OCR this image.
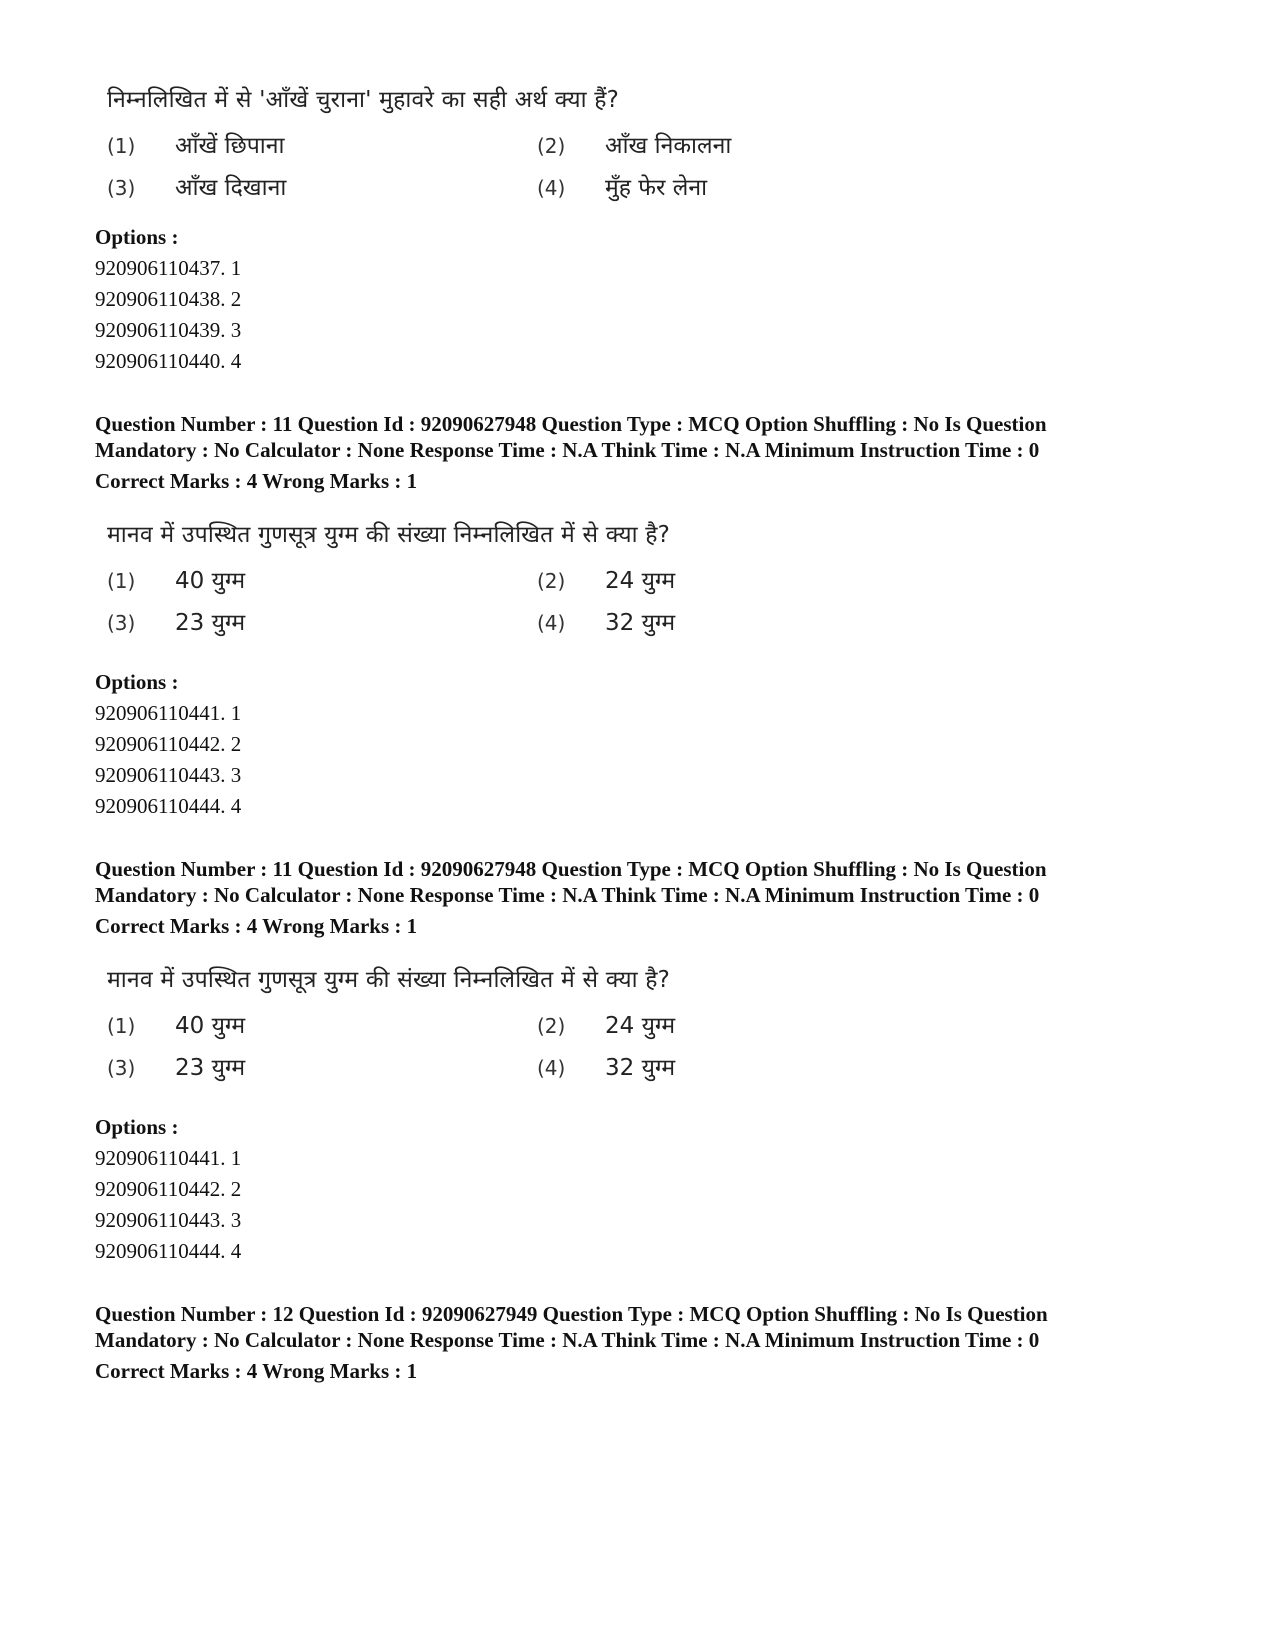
निम्नलिखित में से 'आँखें चुराना' मुहावरे का सही अर्थ क्या हैं?
(1)	आँखें छिपाना	(2)	आँख निकालना
(3)	आँख दिखाना	(4)	मुँह फेर लेना
Options :
920906110437. 1
920906110438. 2
920906110439. 3
920906110440. 4
Question Number : 11 Question Id : 92090627948 Question Type : MCQ Option Shuffling : No Is Question
Mandatory : No Calculator : None Response Time : N.A Think Time : N.A Minimum Instruction Time : 0
Correct Marks : 4 Wrong Marks : 1
मानव में उपस्थित गुणसूत्र युग्म की संख्या निम्नलिखित में से क्या है?
(1)	40 युग्म	(2)	24 युग्म
(3)	23 युग्म	(4)	32 युग्म
Options :
920906110441. 1
920906110442. 2
920906110443. 3
920906110444. 4
Question Number : 11 Question Id : 92090627948 Question Type : MCQ Option Shuffling : No Is Question
Mandatory : No Calculator : None Response Time : N.A Think Time : N.A Minimum Instruction Time : 0
Correct Marks : 4 Wrong Marks : 1
मानव में उपस्थित गुणसूत्र युग्म की संख्या निम्नलिखित में से क्या है?
(1)	40 युग्म	(2)	24 युग्म
(3)	23 युग्म	(4)	32 युग्म
Options :
920906110441. 1
920906110442. 2
920906110443. 3
920906110444. 4
Question Number : 12 Question Id : 92090627949 Question Type : MCQ Option Shuffling : No Is Question
Mandatory : No Calculator : None Response Time : N.A Think Time : N.A Minimum Instruction Time : 0
Correct Marks : 4 Wrong Marks : 1
